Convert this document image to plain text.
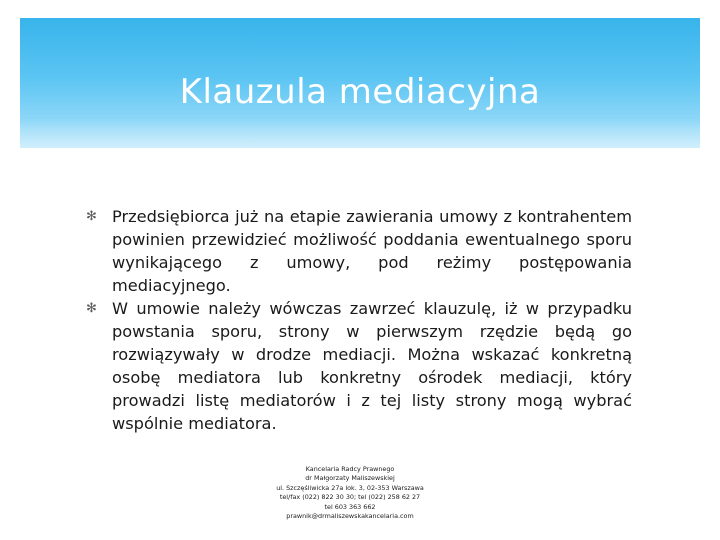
Klauzula mediacyjna
✻ Przedsiębiorca już na etapie zawierania umowy z kontrahentem powinien przewidzieć możliwość poddania ewentualnego sporu wynikającego z umowy, pod reżimy postępowania mediacyjnego.
✻ W umowie należy wówczas zawrzeć klauzulę, iż w przypadku powstania sporu, strony w pierwszym rzędzie będą go rozwiązywały w drodze mediacji. Można wskazać konkretną osobę mediatora lub konkretny ośrodek mediacji, który prowadzi listę mediatorów i z tej listy strony mogą wybrać wspólnie mediatora.
Kancelaria Radcy Prawnego
dr Małgorzaty Maliszewskiej
ul. Szczęśliwicka 27a lok. 3, 02-353 Warszawa
tel/fax (022) 822 30 30; tel (022) 258 62 27
tel 603 363 662
prawnik@drmaliszewskakancelaria.com
